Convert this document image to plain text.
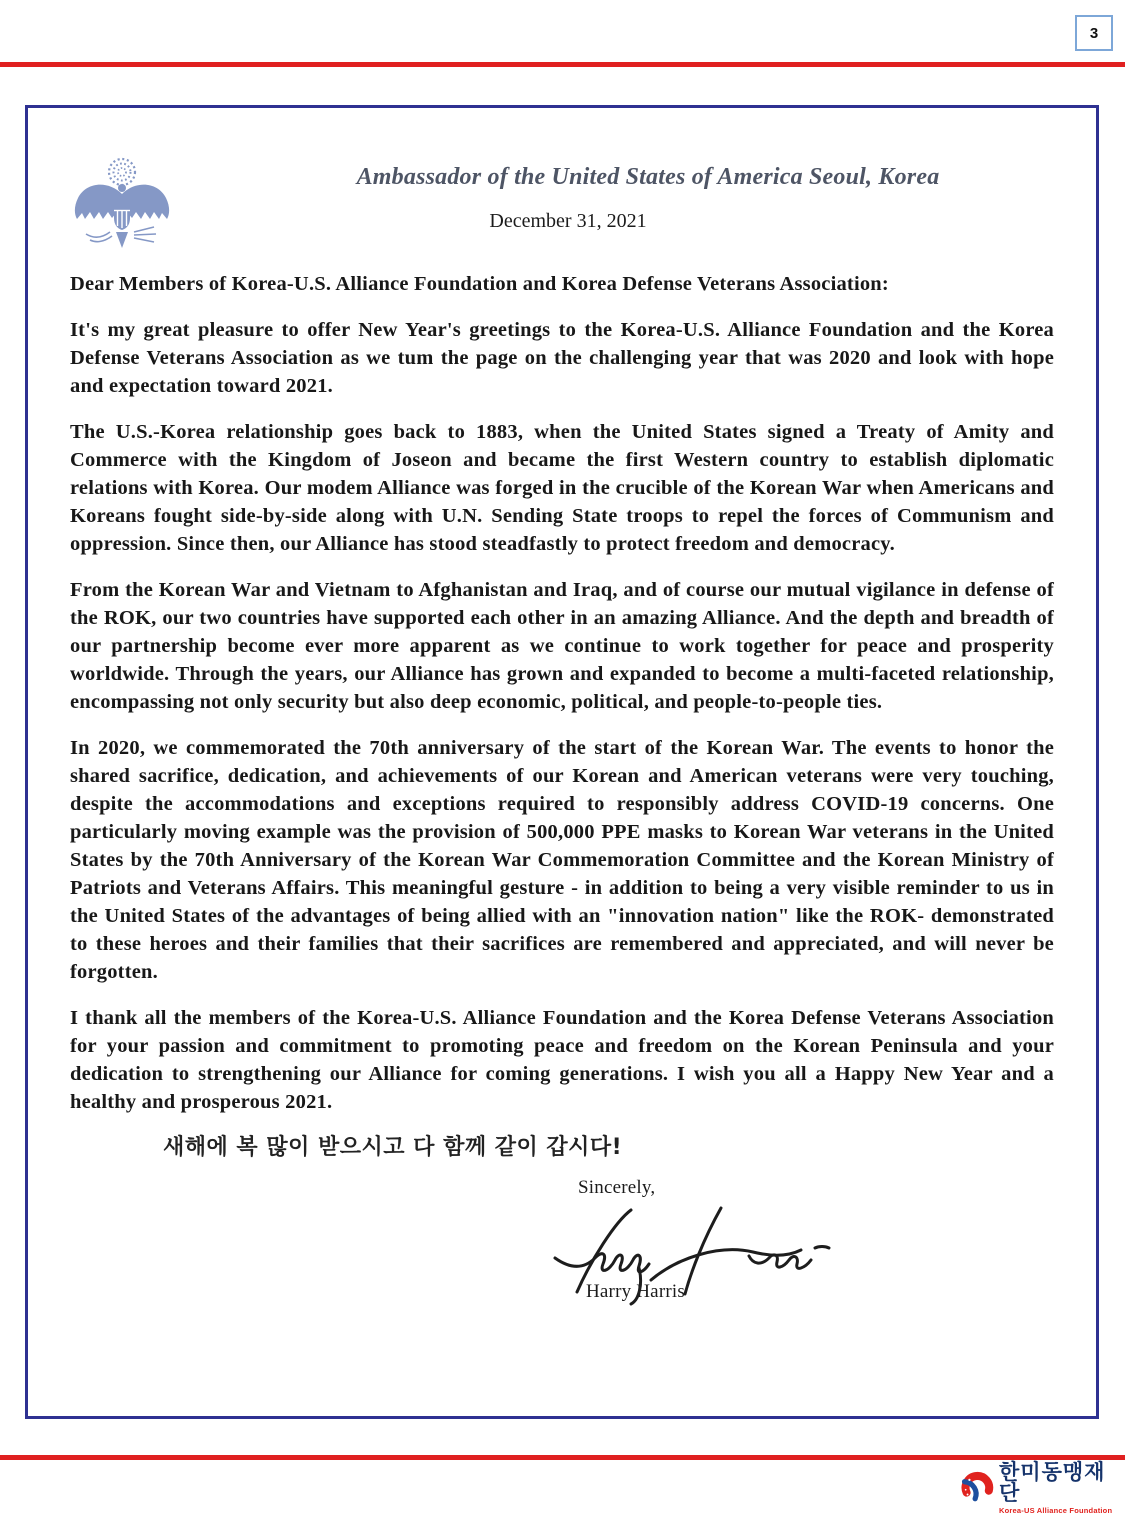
3
Ambassador of the United States of America Seoul, Korea
December 31, 2021

Dear Members of Korea-U.S. Alliance Foundation and Korea Defense Veterans Association:

It's my great pleasure to offer New Year's greetings to the Korea-U.S. Alliance Foundation and the Korea Defense Veterans Association as we tum the page on the challenging year that was 2020 and look with hope and expectation toward 2021.

The U.S.-Korea relationship goes back to 1883, when the United States signed a Treaty of Amity and Commerce with the Kingdom of Joseon and became the first Western country to establish diplomatic relations with Korea. Our modem Alliance was forged in the crucible of the Korean War when Americans and Koreans fought side-by-side along with U.N. Sending State troops to repel the forces of Communism and oppression. Since then, our Alliance has stood steadfastly to protect freedom and democracy.

From the Korean War and Vietnam to Afghanistan and Iraq, and of course our mutual vigilance in defense of the ROK, our two countries have supported each other in an amazing Alliance. And the depth and breadth of our partnership become ever more apparent as we continue to work together for peace and prosperity worldwide. Through the years, our Alliance has grown and expanded to become a multi-faceted relationship, encompassing not only security but also deep economic, political, and people-to-people ties.

In 2020, we commemorated the 70th anniversary of the start of the Korean War. The events to honor the shared sacrifice, dedication, and achievements of our Korean and American veterans were very touching, despite the accommodations and exceptions required to responsibly address COVID-19 concerns. One particularly moving example was the provision of 500,000 PPE masks to Korean War veterans in the United States by the 70th Anniversary of the Korean War Commemoration Committee and the Korean Ministry of Patriots and Veterans Affairs. This meaningful gesture - in addition to being a very visible reminder to us in the United States of the advantages of being allied with an "innovation nation" like the ROK- demonstrated to these heroes and their families that their sacrifices are remembered and appreciated, and will never be forgotten.

I thank all the members of the Korea-U.S. Alliance Foundation and the Korea Defense Veterans Association for your passion and commitment to promoting peace and freedom on the Korean Peninsula and your dedication to strengthening our Alliance for coming generations. I wish you all a Happy New Year and a healthy and prosperous 2021.

새해에 복 많이 받으시고 다 함께 같이 갑시다!
Sincerely,
Harry Harris
한미동맹재단
Korea-US Alliance Foundation
